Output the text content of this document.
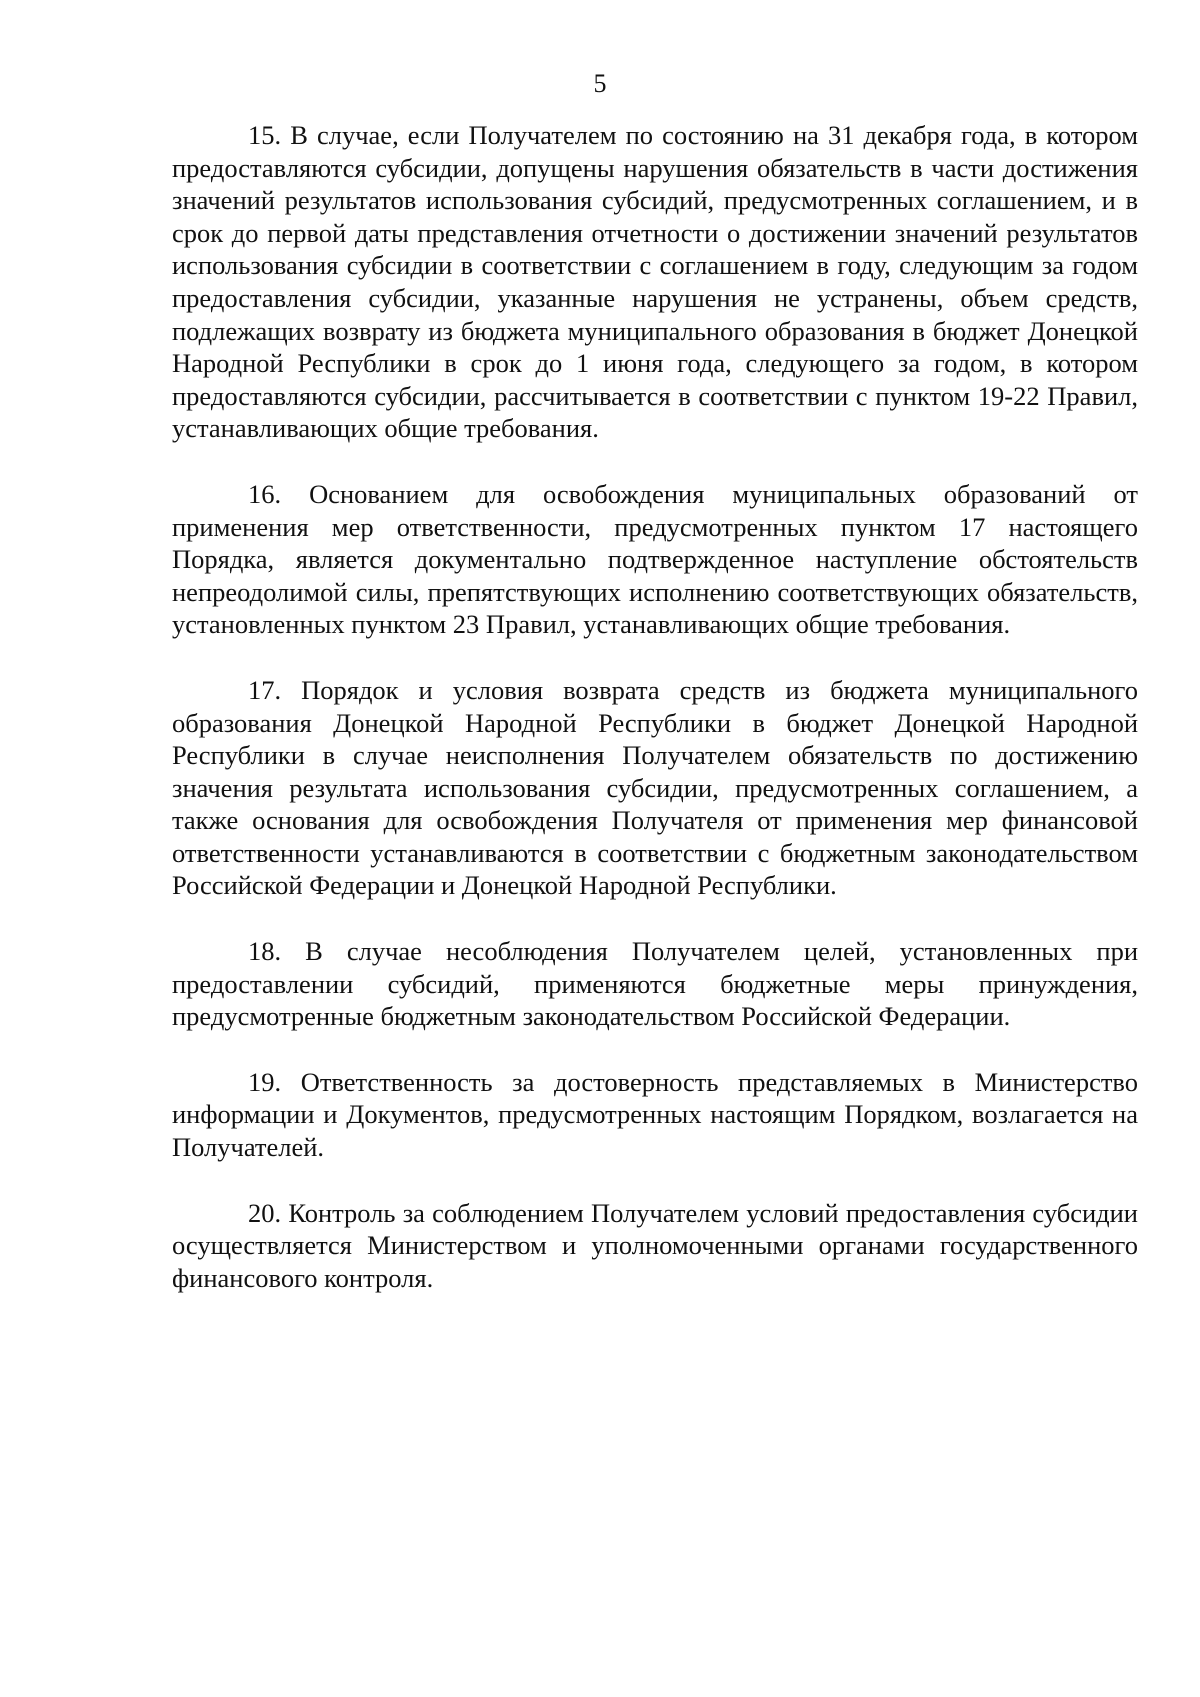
5

15. В случае, если Получателем по состоянию на 31 декабря года, в котором предоставляются субсидии, допущены нарушения обязательств в части достижения значений результатов использования субсидий, предусмотренных соглашением, и в срок до первой даты представления отчетности о достижении значений результатов использования субсидии в соответствии с соглашением в году, следующим за годом предоставления субсидии, указанные нарушения не устранены, объем средств, подлежащих возврату из бюджета муниципального образования в бюджет Донецкой Народной Республики в срок до 1 июня года, следующего за годом, в котором предоставляются субсидии, рассчитывается в соответствии с пунктом 19-22 Правил, устанавливающих общие требования.

16. Основанием для освобождения муниципальных образований от применения мер ответственности, предусмотренных пунктом 17 настоящего Порядка, является документально подтвержденное наступление обстоятельств непреодолимой силы, препятствующих исполнению соответствующих обязательств, установленных пунктом 23 Правил, устанавливающих общие требования.

17. Порядок и условия возврата средств из бюджета муниципального образования Донецкой Народной Республики в бюджет Донецкой Народной Республики в случае неисполнения Получателем обязательств по достижению значения результата использования субсидии, предусмотренных соглашением, а также основания для освобождения Получателя от применения мер финансовой ответственности устанавливаются в соответствии с бюджетным законодательством Российской Федерации и Донецкой Народной Республики.

18. В случае несоблюдения Получателем целей, установленных при предоставлении субсидий, применяются бюджетные меры принуждения, предусмотренные бюджетным законодательством Российской Федерации.

19. Ответственность за достоверность представляемых в Министерство информации и Документов, предусмотренных настоящим Порядком, возлагается на Получателей.

20. Контроль за соблюдением Получателем условий предоставления субсидии осуществляется Министерством и уполномоченными органами государственного финансового контроля.
